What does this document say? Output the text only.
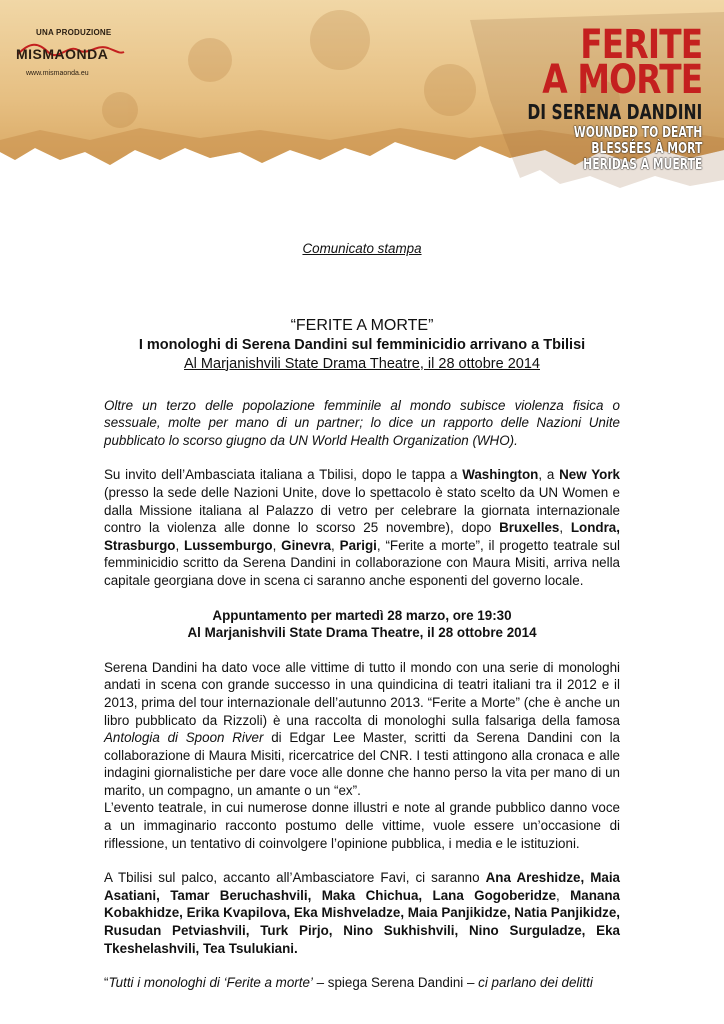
UNA PRODUZIONE
MISMAONDA
www.mismaonda.eu
FERITE
A MORTE
DI SERENA DANDINI
WOUNDED TO DEATH
BLESSÉES À MORT
HERIDAS A MUERTE

Comunicato stampa

“FERITE A MORTE”

I monologhi di Serena Dandini sul femminicidio arrivano a Tbilisi

Al Marjanishvili State Drama Theatre, il 28 ottobre 2014

Oltre un terzo delle popolazione femminile al mondo subisce violenza fisica o sessuale, molte per mano di un partner; lo dice un rapporto delle Nazioni Unite pubblicato lo scorso giugno da UN World Health Organization (WHO).

Su invito dell’Ambasciata italiana a Tbilisi, dopo le tappa a Washington, a New York (presso la sede delle Nazioni Unite, dove lo spettacolo è stato scelto da UN Women e dalla Missione italiana al Palazzo di vetro per celebrare la giornata internazionale contro la violenza alle donne lo scorso 25 novembre), dopo Bruxelles, Londra, Strasburgo, Lussemburgo, Ginevra, Parigi, “Ferite a morte”, il progetto teatrale sul femminicidio scritto da Serena Dandini in collaborazione con Maura Misiti, arriva nella capitale georgiana dove in scena ci saranno anche esponenti del governo locale.

Appuntamento per martedì 28 marzo, ore 19:30

Al Marjanishvili State Drama Theatre, il 28 ottobre 2014

Serena Dandini ha dato voce alle vittime di tutto il mondo con una serie di monologhi andati in scena con grande successo in una quindicina di teatri italiani tra il 2012 e il 2013, prima del tour internazionale dell’autunno 2013. “Ferite a Morte” (che è anche un libro pubblicato da Rizzoli) è una raccolta di monologhi sulla falsariga della famosa Antologia di Spoon River di Edgar Lee Master, scritti da Serena Dandini con la collaborazione di Maura Misiti, ricercatrice del CNR. I testi attingono alla cronaca e alle indagini giornalistiche per dare voce alle donne che hanno perso la vita per mano di un marito, un compagno, un amante o un “ex”.

L’evento teatrale, in cui numerose donne illustri e note al grande pubblico danno voce a un immaginario racconto postumo delle vittime, vuole essere un’occasione di riflessione, un tentativo di coinvolgere l’opinione pubblica, i media e le istituzioni.

A Tbilisi sul palco, accanto all’Ambasciatore Favi, ci saranno Ana Areshidze, Maia Asatiani, Tamar Beruchashvili, Maka Chichua, Lana Gogoberidze, Manana Kobakhidze, Erika Kvapilova, Eka Mishveladze, Maia Panjikidze, Natia Panjikidze, Rusudan Petviashvili, Turk Pirjo, Nino Sukhishvili, Nino Surguladze, Eka Tkeshelashvili, Tea Tsulukiani.

“Tutti i monologhi di ‘Ferite a morte’ – spiega Serena Dandini – ci parlano dei delitti
